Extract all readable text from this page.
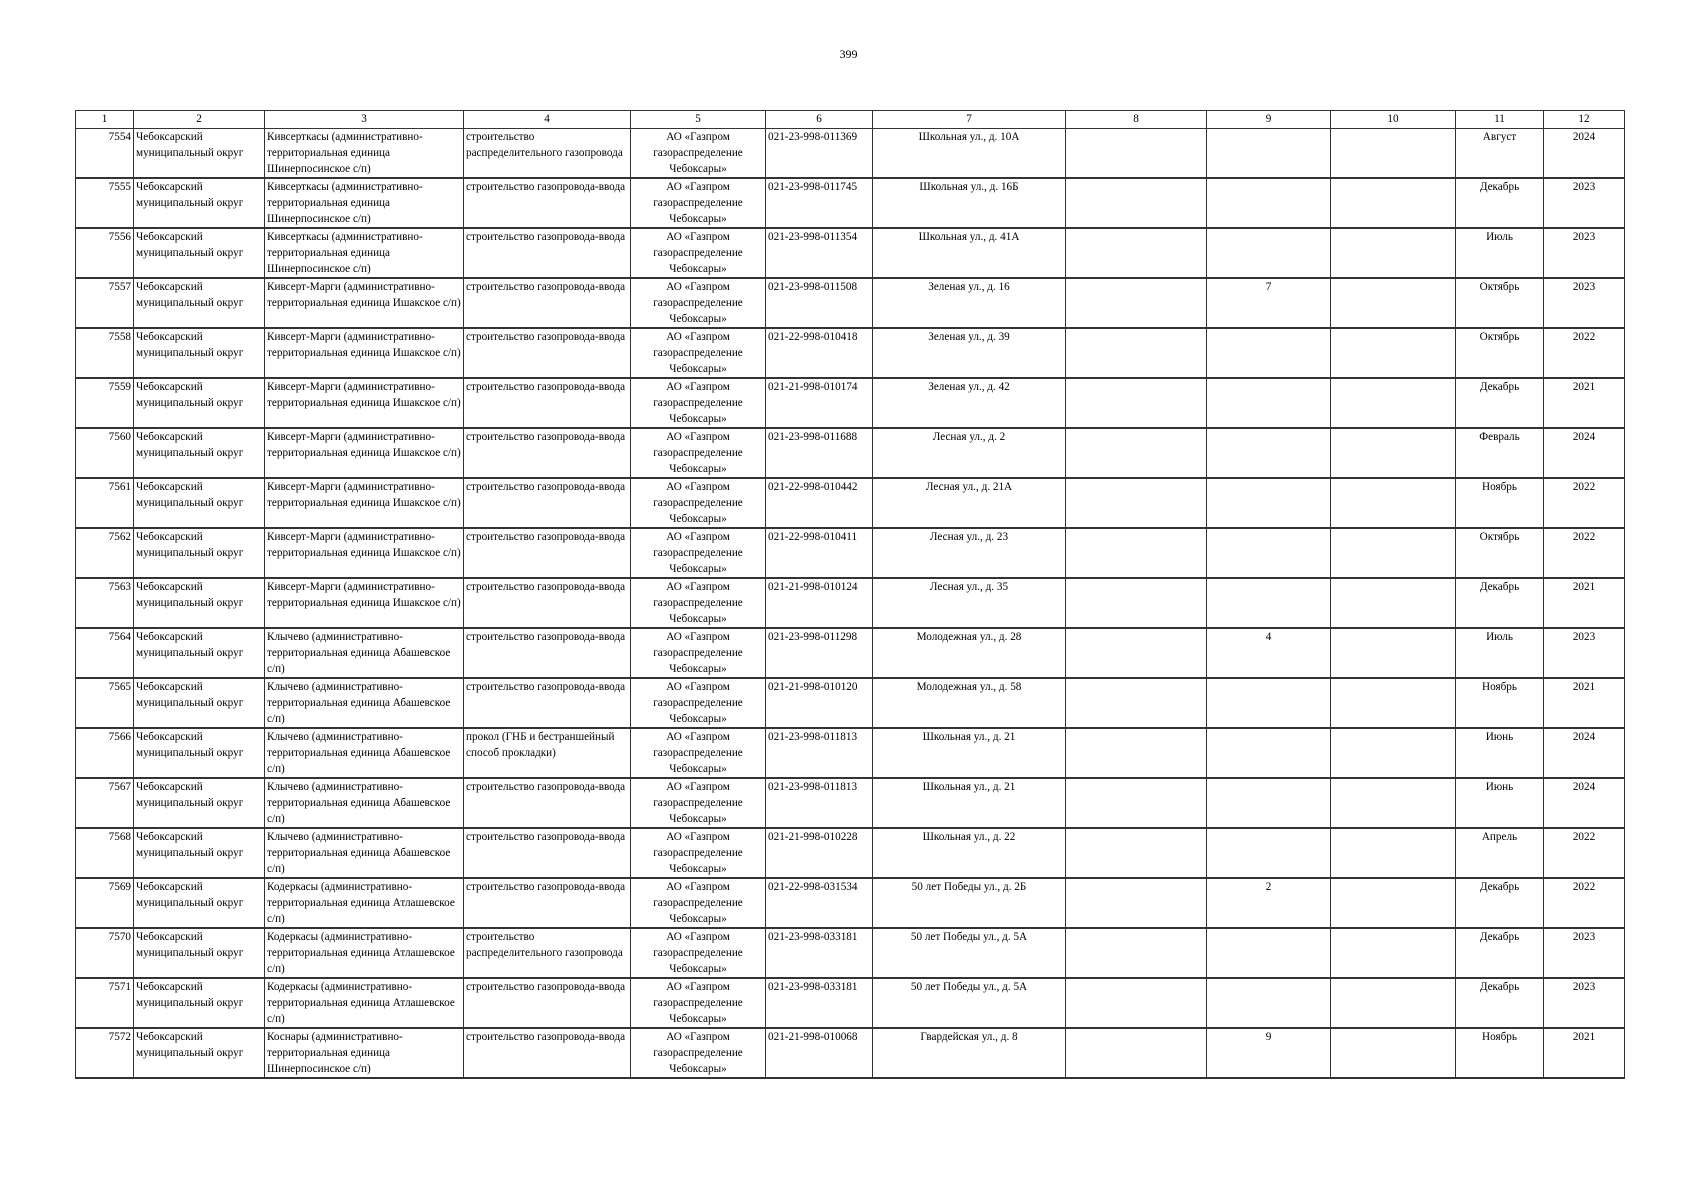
399
1	2	3	4	5	6	7	8	9	10	11	12
7554	Чебоксарский муниципальный округ	Кивсерткасы (административно-территориальная единица Шинерпосинское с/п)	строительство распределительного газопровода	АО «Газпром газораспределение Чебоксары»	021-23-998-011369	Школьная ул., д. 10А				Август	2024
7555	Чебоксарский муниципальный округ	Кивсерткасы (административно-территориальная единица Шинерпосинское с/п)	строительство газопровода-ввода	АО «Газпром газораспределение Чебоксары»	021-23-998-011745	Школьная ул., д. 16Б				Декабрь	2023
7556	Чебоксарский муниципальный округ	Кивсерткасы (административно-территориальная единица Шинерпосинское с/п)	строительство газопровода-ввода	АО «Газпром газораспределение Чебоксары»	021-23-998-011354	Школьная ул., д. 41А				Июль	2023
7557	Чебоксарский муниципальный округ	Кивсерт-Марги (административно-территориальная единица Ишакское с/п)	строительство газопровода-ввода	АО «Газпром газораспределение Чебоксары»	021-23-998-011508	Зеленая ул., д. 16		7		Октябрь	2023
7558	Чебоксарский муниципальный округ	Кивсерт-Марги (административно-территориальная единица Ишакское с/п)	строительство газопровода-ввода	АО «Газпром газораспределение Чебоксары»	021-22-998-010418	Зеленая ул., д. 39				Октябрь	2022
7559	Чебоксарский муниципальный округ	Кивсерт-Марги (административно-территориальная единица Ишакское с/п)	строительство газопровода-ввода	АО «Газпром газораспределение Чебоксары»	021-21-998-010174	Зеленая ул., д. 42				Декабрь	2021
7560	Чебоксарский муниципальный округ	Кивсерт-Марги (административно-территориальная единица Ишакское с/п)	строительство газопровода-ввода	АО «Газпром газораспределение Чебоксары»	021-23-998-011688	Лесная ул., д. 2				Февраль	2024
7561	Чебоксарский муниципальный округ	Кивсерт-Марги (административно-территориальная единица Ишакское с/п)	строительство газопровода-ввода	АО «Газпром газораспределение Чебоксары»	021-22-998-010442	Лесная ул., д. 21А				Ноябрь	2022
7562	Чебоксарский муниципальный округ	Кивсерт-Марги (административно-территориальная единица Ишакское с/п)	строительство газопровода-ввода	АО «Газпром газораспределение Чебоксары»	021-22-998-010411	Лесная ул., д. 23				Октябрь	2022
7563	Чебоксарский муниципальный округ	Кивсерт-Марги (административно-территориальная единица Ишакское с/п)	строительство газопровода-ввода	АО «Газпром газораспределение Чебоксары»	021-21-998-010124	Лесная ул., д. 35				Декабрь	2021
7564	Чебоксарский муниципальный округ	Клычево (административно-территориальная единица Абашевское с/п)	строительство газопровода-ввода	АО «Газпром газораспределение Чебоксары»	021-23-998-011298	Молодежная ул., д. 28		4		Июль	2023
7565	Чебоксарский муниципальный округ	Клычево (административно-территориальная единица Абашевское с/п)	строительство газопровода-ввода	АО «Газпром газораспределение Чебоксары»	021-21-998-010120	Молодежная ул., д. 58				Ноябрь	2021
7566	Чебоксарский муниципальный округ	Клычево (административно-территориальная единица Абашевское с/п)	прокол (ГНБ и бестраншейный способ прокладки)	АО «Газпром газораспределение Чебоксары»	021-23-998-011813	Школьная ул., д. 21				Июнь	2024
7567	Чебоксарский муниципальный округ	Клычево (административно-территориальная единица Абашевское с/п)	строительство газопровода-ввода	АО «Газпром газораспределение Чебоксары»	021-23-998-011813	Школьная ул., д. 21				Июнь	2024
7568	Чебоксарский муниципальный округ	Клычево (административно-территориальная единица Абашевское с/п)	строительство газопровода-ввода	АО «Газпром газораспределение Чебоксары»	021-21-998-010228	Школьная ул., д. 22				Апрель	2022
7569	Чебоксарский муниципальный округ	Кодеркасы (административно-территориальная единица Атлашевское с/п)	строительство газопровода-ввода	АО «Газпром газораспределение Чебоксары»	021-22-998-031534	50 лет Победы ул., д. 2Б		2		Декабрь	2022
7570	Чебоксарский муниципальный округ	Кодеркасы (административно-территориальная единица Атлашевское с/п)	строительство распределительного газопровода	АО «Газпром газораспределение Чебоксары»	021-23-998-033181	50 лет Победы ул., д. 5А				Декабрь	2023
7571	Чебоксарский муниципальный округ	Кодеркасы (административно-территориальная единица Атлашевское с/п)	строительство газопровода-ввода	АО «Газпром газораспределение Чебоксары»	021-23-998-033181	50 лет Победы ул., д. 5А				Декабрь	2023
7572	Чебоксарский муниципальный округ	Коснары (административно-территориальная единица Шинерпосинское с/п)	строительство газопровода-ввода	АО «Газпром газораспределение Чебоксары»	021-21-998-010068	Гвардейская ул., д. 8		9		Ноябрь	2021
